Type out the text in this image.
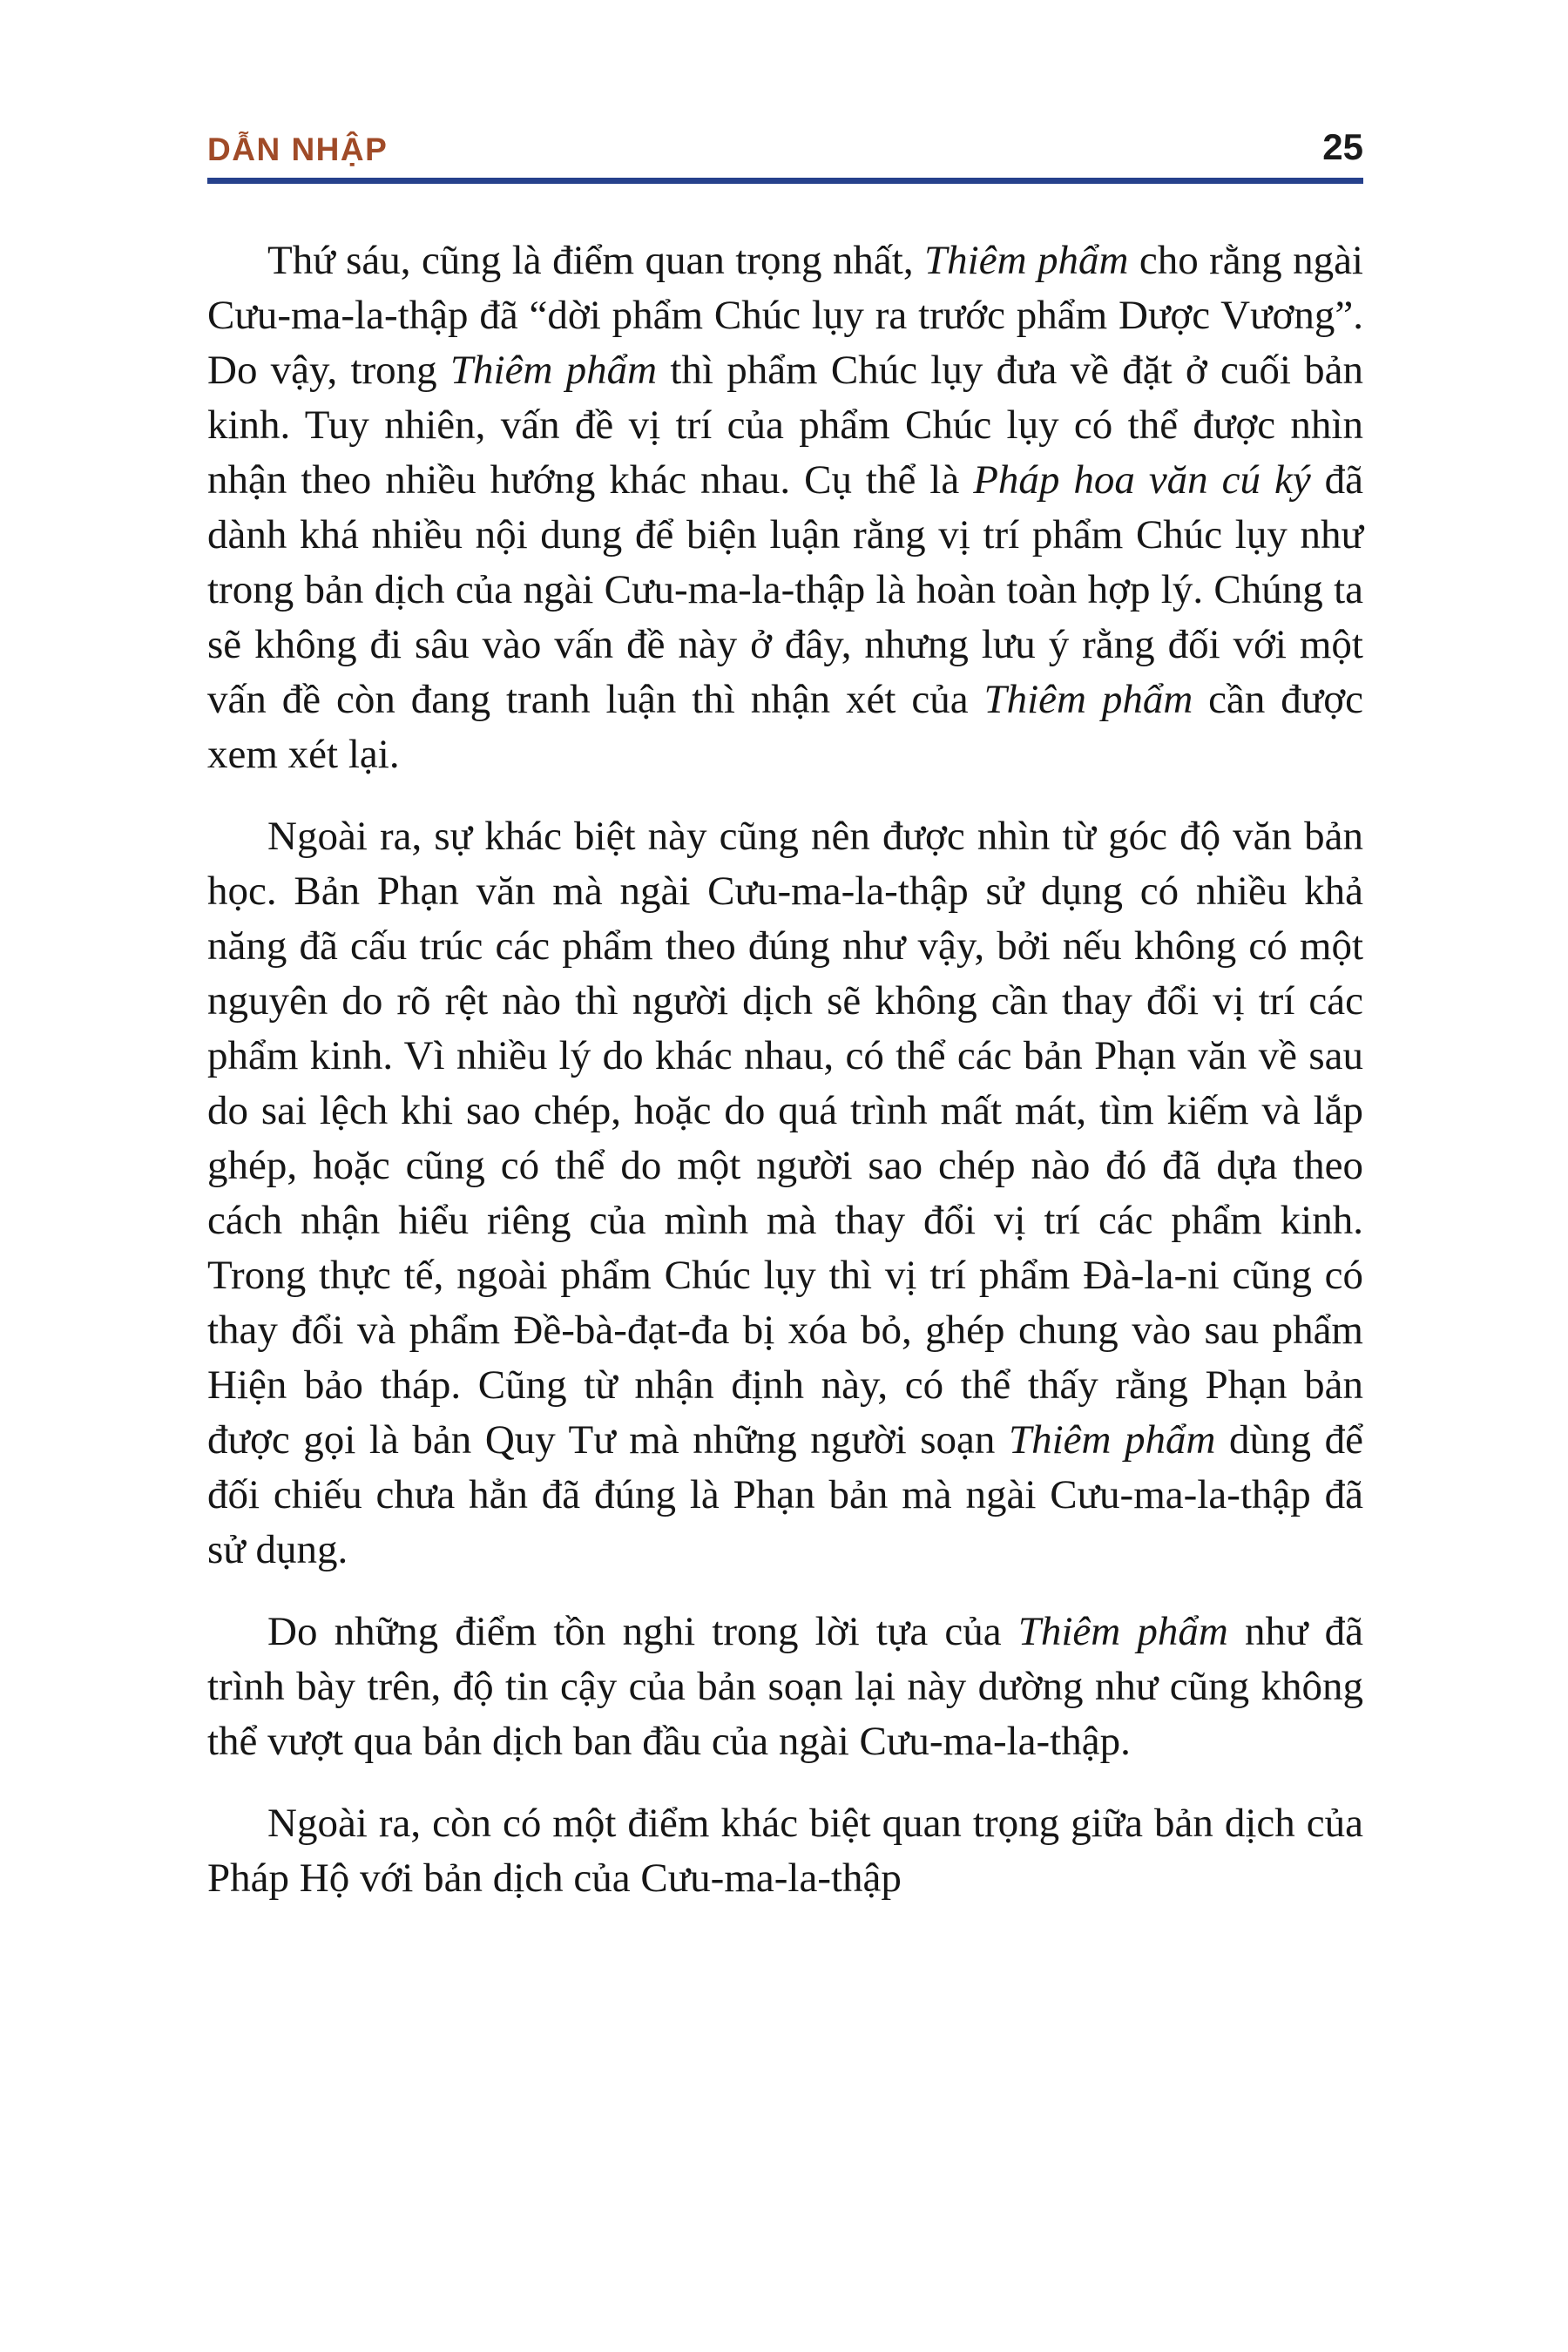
DẪN NHẬP	25

Thứ sáu, cũng là điểm quan trọng nhất, Thiêm phẩm cho rằng ngài Cưu-ma-la-thập đã “dời phẩm Chúc lụy ra trước phẩm Dược Vương”. Do vậy, trong Thiêm phẩm thì phẩm Chúc lụy đưa về đặt ở cuối bản kinh. Tuy nhiên, vấn đề vị trí của phẩm Chúc lụy có thể được nhìn nhận theo nhiều hướng khác nhau. Cụ thể là Pháp hoa văn cú ký đã dành khá nhiều nội dung để biện luận rằng vị trí phẩm Chúc lụy như trong bản dịch của ngài Cưu-ma-la-thập là hoàn toàn hợp lý. Chúng ta sẽ không đi sâu vào vấn đề này ở đây, nhưng lưu ý rằng đối với một vấn đề còn đang tranh luận thì nhận xét của Thiêm phẩm cần được xem xét lại.

Ngoài ra, sự khác biệt này cũng nên được nhìn từ góc độ văn bản học. Bản Phạn văn mà ngài Cưu-ma-la-thập sử dụng có nhiều khả năng đã cấu trúc các phẩm theo đúng như vậy, bởi nếu không có một nguyên do rõ rệt nào thì người dịch sẽ không cần thay đổi vị trí các phẩm kinh. Vì nhiều lý do khác nhau, có thể các bản Phạn văn về sau do sai lệch khi sao chép, hoặc do quá trình mất mát, tìm kiếm và lắp ghép, hoặc cũng có thể do một người sao chép nào đó đã dựa theo cách nhận hiểu riêng của mình mà thay đổi vị trí các phẩm kinh. Trong thực tế, ngoài phẩm Chúc lụy thì vị trí phẩm Đà-la-ni cũng có thay đổi và phẩm Đề-bà-đạt-đa bị xóa bỏ, ghép chung vào sau phẩm Hiện bảo tháp. Cũng từ nhận định này, có thể thấy rằng Phạn bản được gọi là bản Quy Tư mà những người soạn Thiêm phẩm dùng để đối chiếu chưa hẳn đã đúng là Phạn bản mà ngài Cưu-ma-la-thập đã sử dụng.

Do những điểm tồn nghi trong lời tựa của Thiêm phẩm như đã trình bày trên, độ tin cậy của bản soạn lại này dường như cũng không thể vượt qua bản dịch ban đầu của ngài Cưu-ma-la-thập.

Ngoài ra, còn có một điểm khác biệt quan trọng giữa bản dịch của Pháp Hộ với bản dịch của Cưu-ma-la-thập
